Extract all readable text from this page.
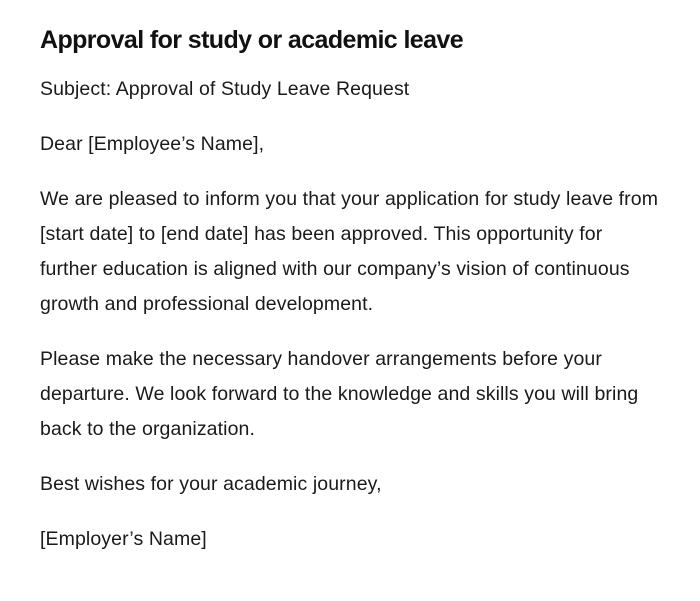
Approval for study or academic leave

Subject: Approval of Study Leave Request

Dear [Employee’s Name],

We are pleased to inform you that your application for study leave from [start date] to [end date] has been approved. This opportunity for further education is aligned with our company’s vision of continuous growth and professional development.

Please make the necessary handover arrangements before your departure. We look forward to the knowledge and skills you will bring back to the organization.

Best wishes for your academic journey,

[Employer’s Name]
